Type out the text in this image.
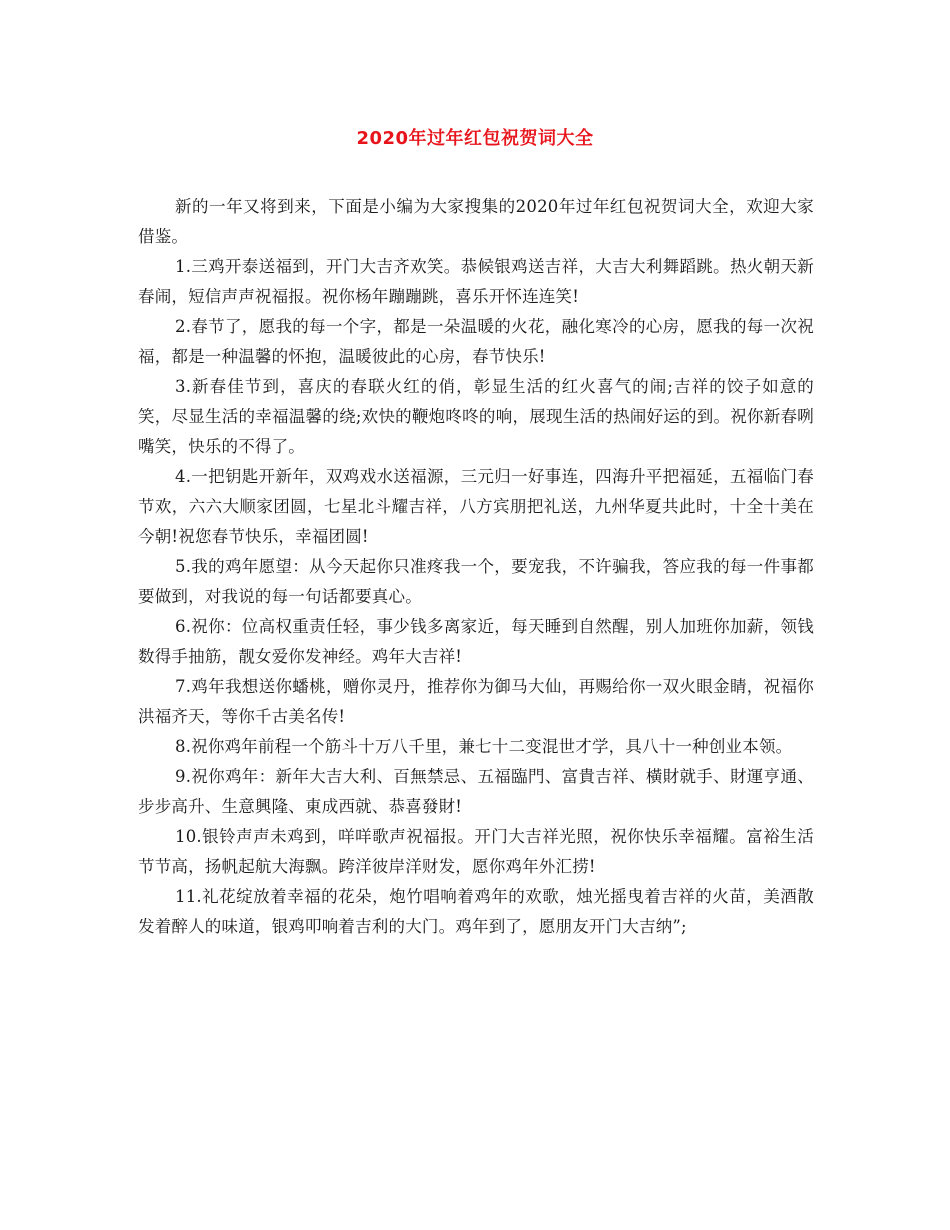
2020年过年红包祝贺词大全

新的一年又将到来，下面是小编为大家搜集的2020年过年红包祝贺词大全，欢迎大家借鉴。

1.三鸡开泰送福到，开门大吉齐欢笑。恭候银鸡送吉祥，大吉大利舞蹈跳。热火朝天新春闹，短信声声祝福报。祝你杨年蹦蹦跳，喜乐开怀连连笑!

2.春节了，愿我的每一个字，都是一朵温暖的火花，融化寒冷的心房，愿我的每一次祝福，都是一种温馨的怀抱，温暖彼此的心房，春节快乐!

3.新春佳节到，喜庆的春联火红的俏，彰显生活的红火喜气的闹;吉祥的饺子如意的笑，尽显生活的幸福温馨的绕;欢快的鞭炮咚咚的响，展现生活的热闹好运的到。祝你新春咧嘴笑，快乐的不得了。

4.一把钥匙开新年，双鸡戏水送福源，三元归一好事连，四海升平把福延，五福临门春节欢，六六大顺家团圆，七星北斗耀吉祥，八方宾朋把礼送，九州华夏共此时，十全十美在今朝!祝您春节快乐，幸福团圆!

5.我的鸡年愿望：从今天起你只准疼我一个，要宠我，不许骗我，答应我的每一件事都要做到，对我说的每一句话都要真心。

6.祝你：位高权重责任轻，事少钱多离家近，每天睡到自然醒，别人加班你加薪，领钱数得手抽筋，靓女爱你发神经。鸡年大吉祥!

7.鸡年我想送你蟠桃，赠你灵丹，推荐你为御马大仙，再赐给你一双火眼金睛，祝福你洪福齐天，等你千古美名传!

8.祝你鸡年前程一个筋斗十万八千里，兼七十二变混世才学，具八十一种创业本领。

9.祝你鸡年：新年大吉大利、百無禁忌、五福臨門、富貴吉祥、橫財就手、財運亨通、步步高升、生意興隆、東成西就、恭喜發財!

10.银铃声声未鸡到，咩咩歌声祝福报。开门大吉祥光照，祝你快乐幸福耀。富裕生活节节高，扬帆起航大海飘。跨洋彼岸洋财发，愿你鸡年外汇捞!

11.礼花绽放着幸福的花朵，炮竹唱响着鸡年的欢歌，烛光摇曳着吉祥的火苗，美酒散发着醉人的味道，银鸡叩响着吉利的大门。鸡年到了，愿朋友开门大吉纳”;
